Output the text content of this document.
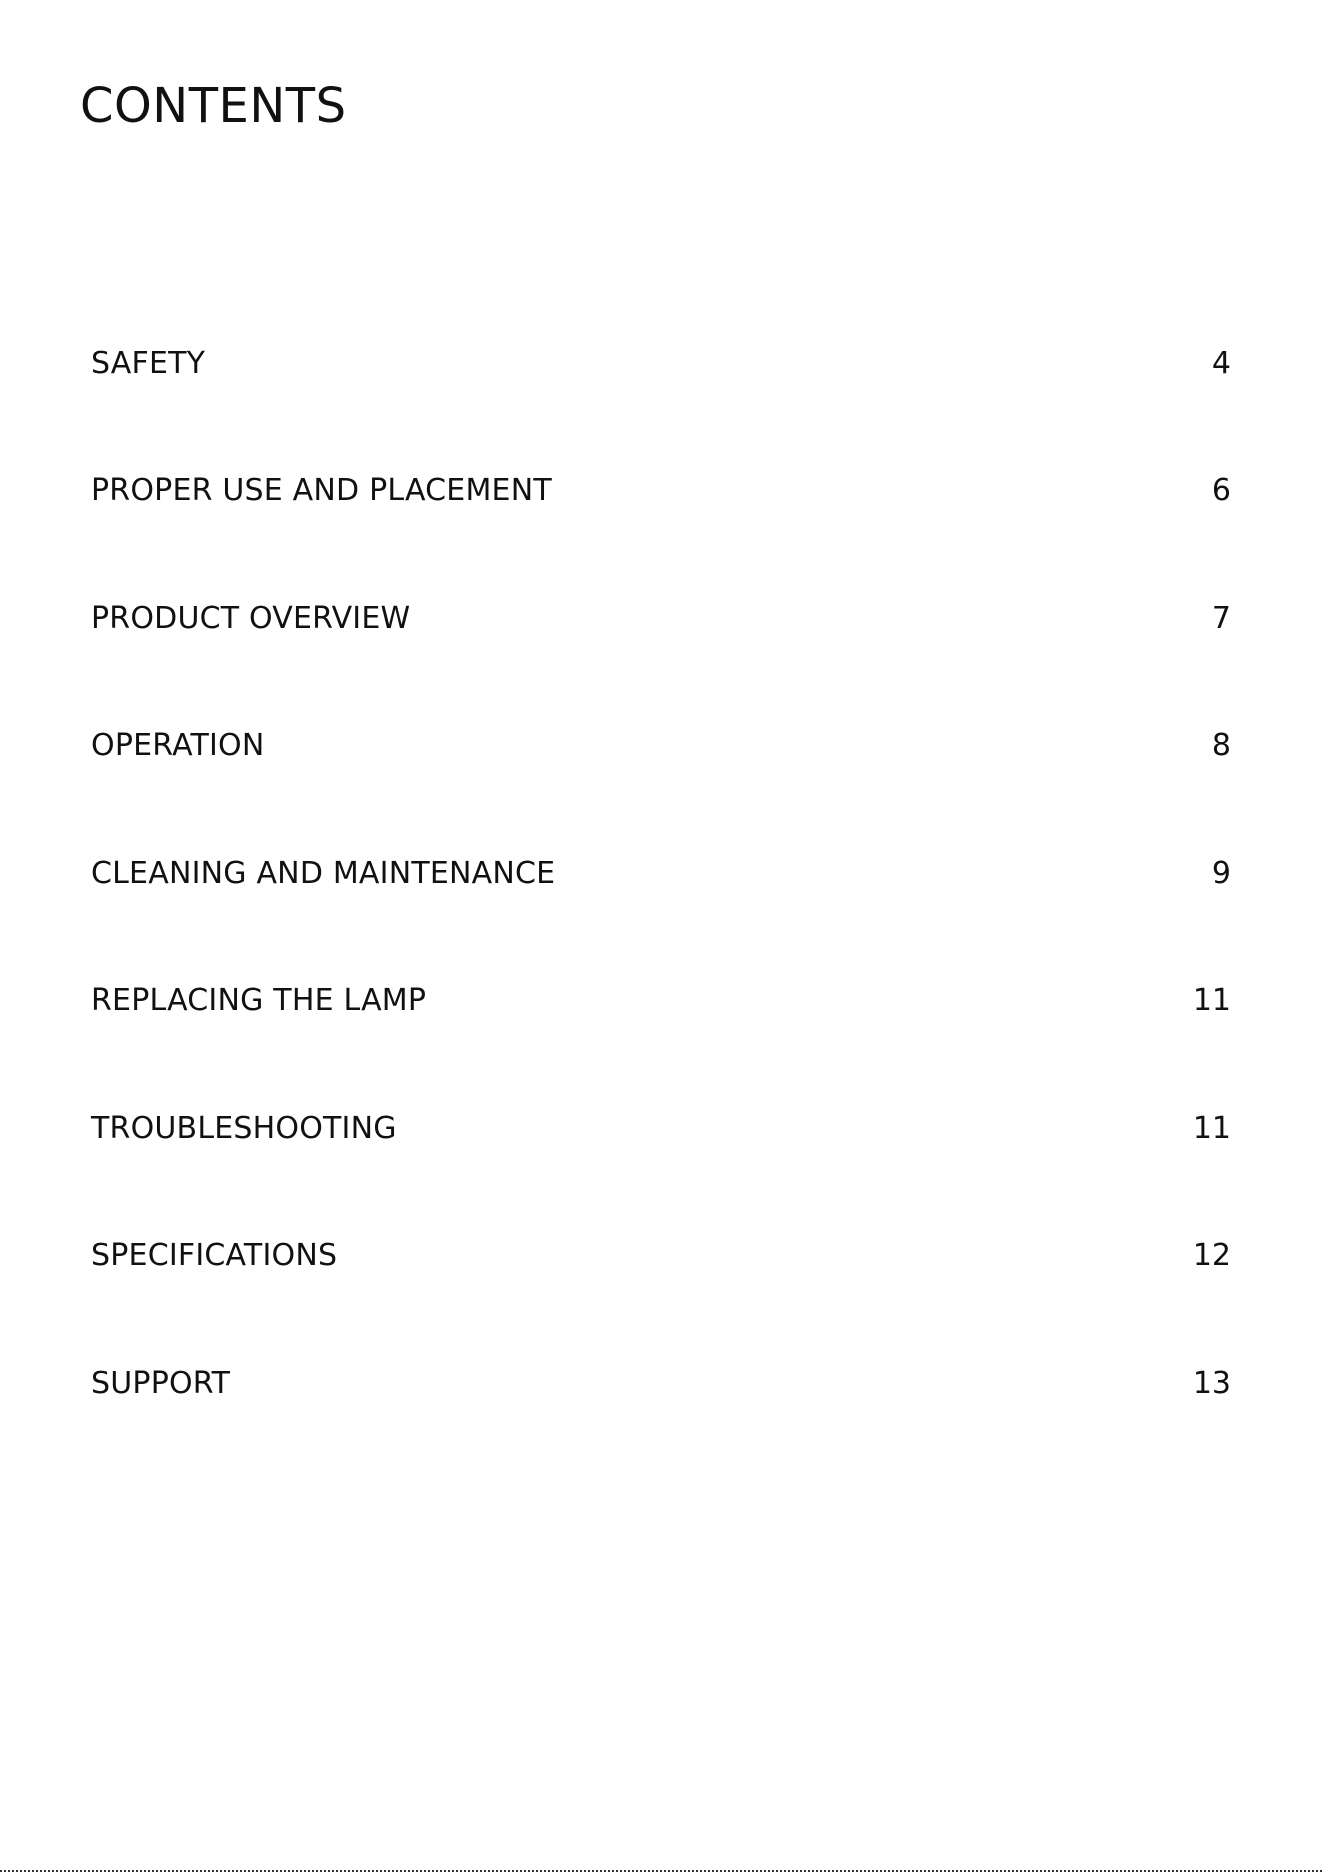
CONTENTS
SAFETY	4
PROPER USE AND PLACEMENT	6
PRODUCT OVERVIEW	7
OPERATION	8
CLEANING AND MAINTENANCE	9
REPLACING THE LAMP	11
TROUBLESHOOTING	11
SPECIFICATIONS	12
SUPPORT	13
